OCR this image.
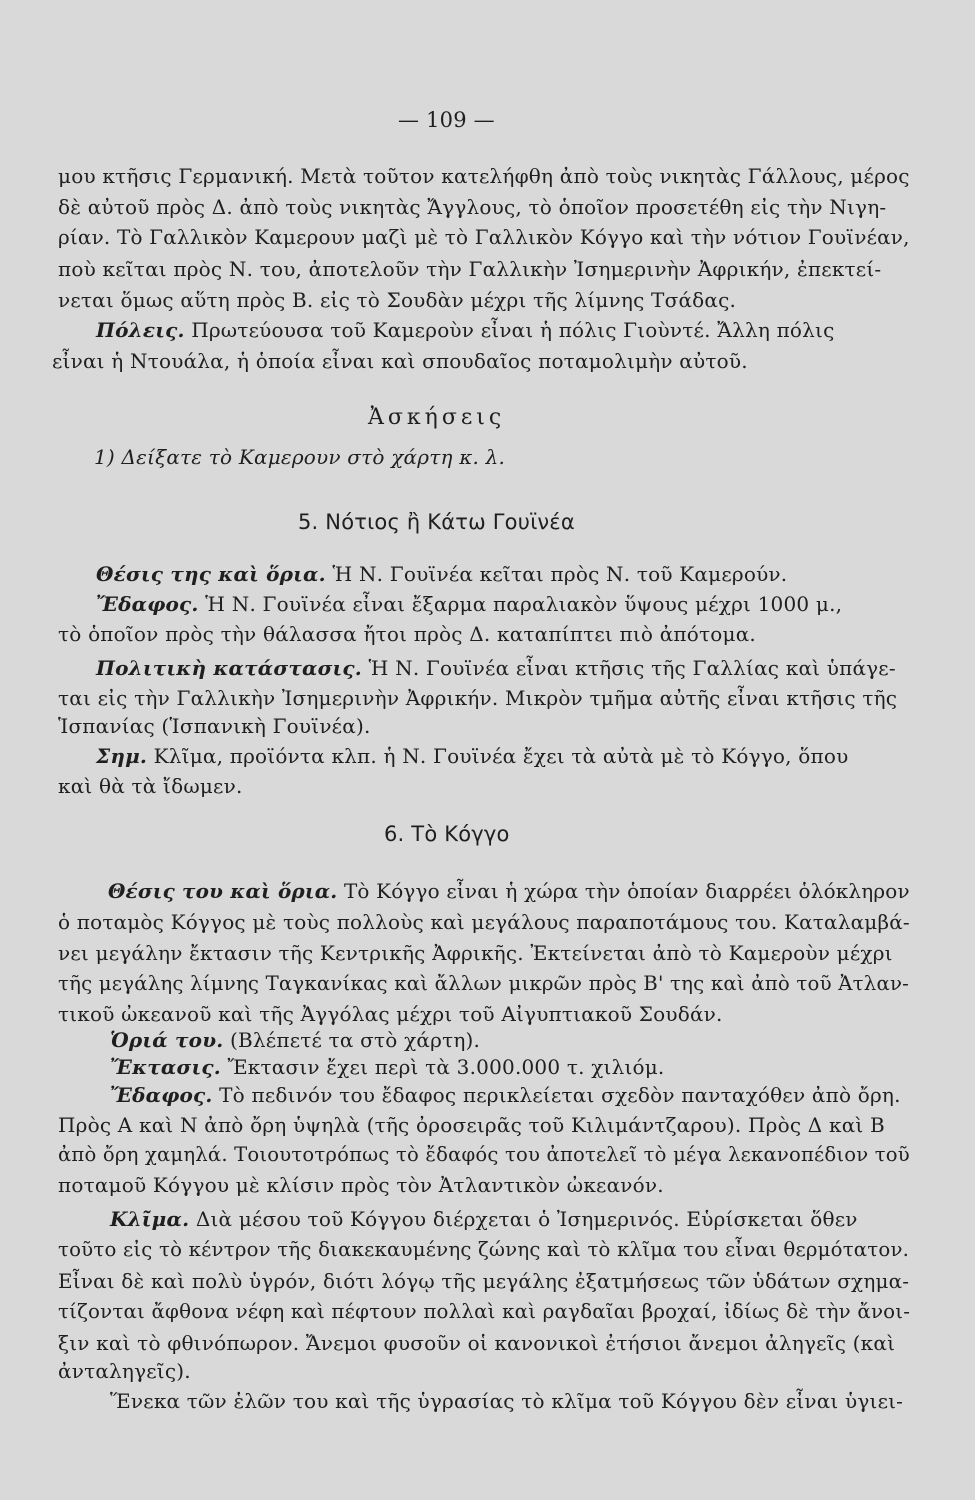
— 109 —
μου κτῆσις Γερμανική. Μετὰ τοῦτον κατελήφθη ἀπὸ τοὺς νικητὰς Γάλλους, μέρος
δὲ αὐτοῦ πρὸς Δ. ἀπὸ τοὺς νικητὰς Ἄγγλους, τὸ ὁποῖον προσετέθη εἰς τὴν Νιγη-
ρίαν. Τὸ Γαλλικὸν Καμερουν μαζὶ μὲ τὸ Γαλλικὸν Κόγγο καὶ τὴν νότιον Γουϊνέαν,
ποὺ κεῖται πρὸς Ν. του, ἀποτελοῦν τὴν Γαλλικὴν Ἰσημερινὴν Ἀφρικήν, ἐπεκτεί-
νεται ὅμως αὕτη πρὸς Β. εἰς τὸ Σουδὰν μέχρι τῆς λίμνης Τσάδας.
Πόλεις. Πρωτεύουσα τοῦ Καμεροὺν εἶναι ἡ πόλις Γιοὺντέ. Ἄλλη πόλις
εἶναι ἡ Ντουάλα, ἡ ὁποία εἶναι καὶ σπουδαῖος ποταμολιμὴν αὐτοῦ.
Ἀσκήσεις
1) Δείξατε τὸ Καμερουν στὸ χάρτη κ. λ.
5. Νότιος ἢ Κάτω Γουϊνέα
Θέσις της καὶ ὅρια. Ἡ Ν. Γουϊνέα κεῖται πρὸς Ν. τοῦ Καμερούν.
Ἔδαφος. Ἡ Ν. Γουϊνέα εἶναι ἔξαρμα παραλιακὸν ὕψους μέχρι 1000 μ.,
τὸ ὁποῖον πρὸς τὴν θάλασσα ἤτοι πρὸς Δ. καταπίπτει πιὸ ἀπότομα.
Πολιτικὴ κατάστασις. Ἡ Ν. Γουϊνέα εἶναι κτῆσις τῆς Γαλλίας καὶ ὑπάγε-
ται εἰς τὴν Γαλλικὴν Ἰσημερινὴν Ἀφρικήν. Μικρὸν τμῆμα αὐτῆς εἶναι κτῆσις τῆς
Ἱσπανίας (Ἱσπανικὴ Γουϊνέα).
Σημ. Κλῖμα, προϊόντα κλπ. ἡ Ν. Γουϊνέα ἔχει τὰ αὐτὰ μὲ τὸ Κόγγο, ὅπου
καὶ θὰ τὰ ἴδωμεν.
6. Τὸ Κόγγο
Θέσις του καὶ ὅρια. Τὸ Κόγγο εἶναι ἡ χώρα τὴν ὁποίαν διαρρέει ὁλόκληρον
ὁ ποταμὸς Κόγγος μὲ τοὺς πολλοὺς καὶ μεγάλους παραποτάμους του. Καταλαμβά-
νει μεγάλην ἔκτασιν τῆς Κεντρικῆς Ἀφρικῆς. Ἐκτείνεται ἀπὸ τὸ Καμεροὺν μέχρι
τῆς μεγάλης λίμνης Ταγκανίκας καὶ ἄλλων μικρῶν πρὸς Β' της καὶ ἀπὸ τοῦ Ἀτλαν-
τικοῦ ὠκεανοῦ καὶ τῆς Ἀγγόλας μέχρι τοῦ Αἰγυπτιακοῦ Σουδάν.
Ὁριά του. (Βλέπετέ τα στὸ χάρτη).
Ἔκτασις. Ἔκτασιν ἔχει περὶ τὰ 3.000.000 τ. χιλιόμ.
Ἔδαφος. Τὸ πεδινόν του ἔδαφος περικλείεται σχεδὸν πανταχόθεν ἀπὸ ὄρη.
Πρὸς Α καὶ Ν ἀπὸ ὄρη ὑψηλὰ (τῆς ὀροσειρᾶς τοῦ Κιλιμάντζαρου). Πρὸς Δ καὶ Β
ἀπὸ ὄρη χαμηλά. Τοιουτοτρόπως τὸ ἔδαφός του ἀποτελεῖ τὸ μέγα λεκανοπέδιον τοῦ
ποταμοῦ Κόγγου μὲ κλίσιν πρὸς τὸν Ἀτλαντικὸν ὠκεανόν.
Κλῖμα. Διὰ μέσου τοῦ Κόγγου διέρχεται ὁ Ἰσημερινός. Εὑρίσκεται ὅθεν
τοῦτο εἰς τὸ κέντρον τῆς διακεκαυμένης ζώνης καὶ τὸ κλῖμα του εἶναι θερμότατον.
Εἶναι δὲ καὶ πολὺ ὑγρόν, διότι λόγῳ τῆς μεγάλης ἐξατμήσεως τῶν ὑδάτων σχημα-
τίζονται ἄφθονα νέφη καὶ πέφτουν πολλαὶ καὶ ραγδαῖαι βροχαί, ἰδίως δὲ τὴν ἄνοι-
ξιν καὶ τὸ φθινόπωρον. Ἄνεμοι φυσοῦν οἱ κανονικοὶ ἐτήσιοι ἄνεμοι ἀληγεῖς (καὶ
ἀνταληγεῖς).
Ἕνεκα τῶν ἑλῶν του καὶ τῆς ὑγρασίας τὸ κλῖμα τοῦ Κόγγου δὲν εἶναι ὑγιει-
